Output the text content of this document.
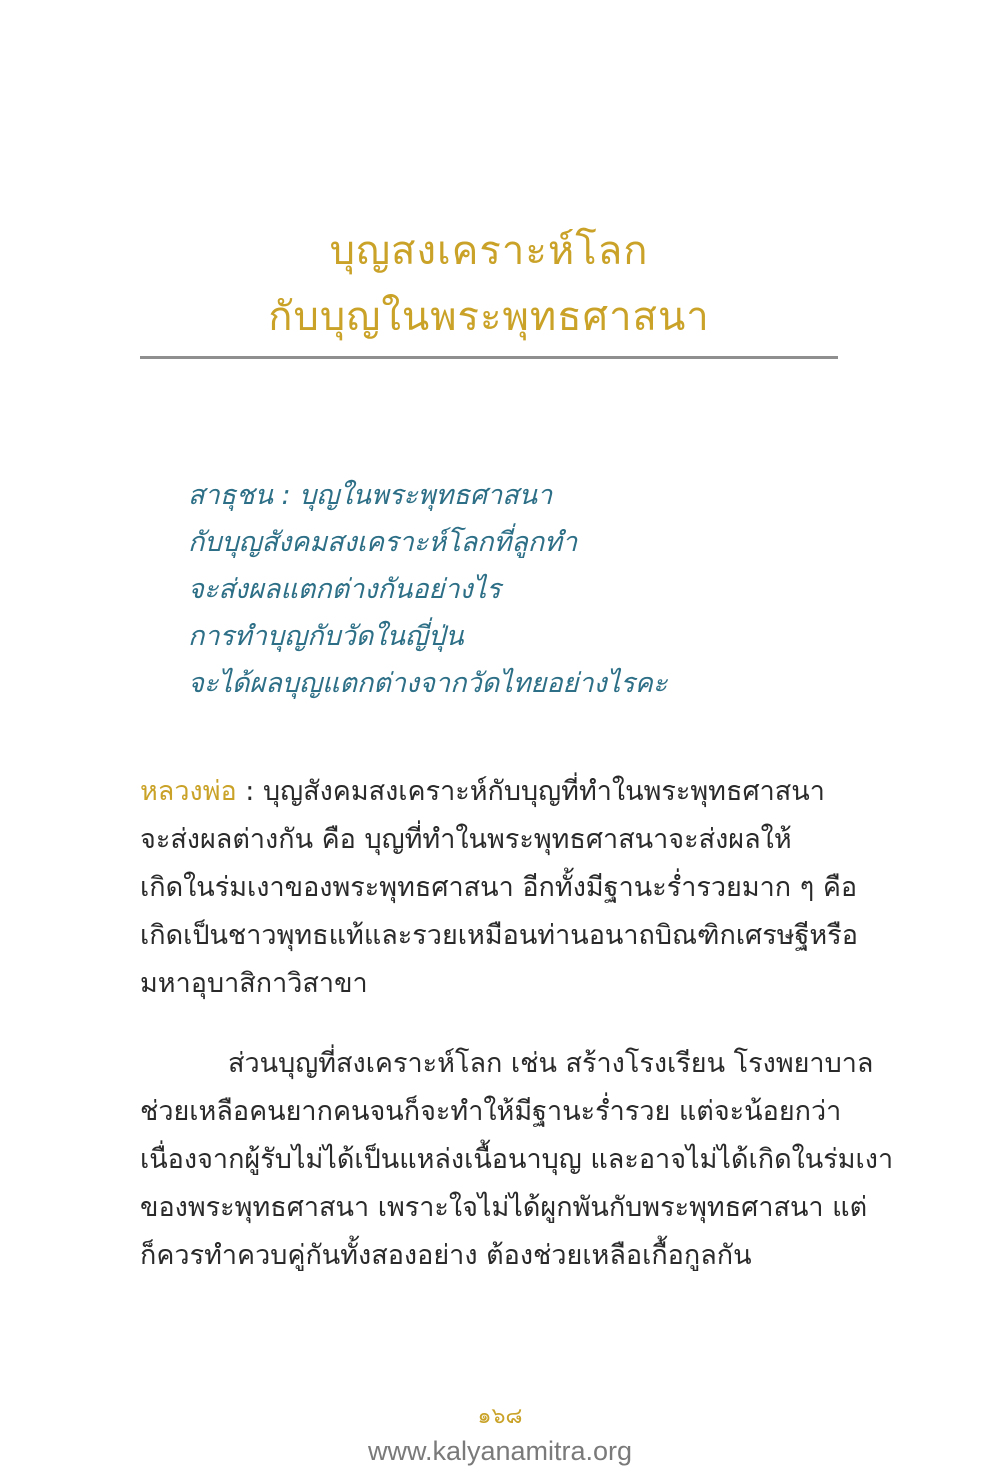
บุญสงเคราะห์โลก
กับบุญในพระพุทธศาสนา
สาธุชน : บุญในพระพุทธศาสนา
กับบุญสังคมสงเคราะห์โลกที่ลูกทำ
จะส่งผลแตกต่างกันอย่างไร
การทำบุญกับวัดในญี่ปุ่น
จะได้ผลบุญแตกต่างจากวัดไทยอย่างไรคะ
หลวงพ่อ : บุญสังคมสงเคราะห์กับบุญที่ทำในพระพุทธศาสนา
จะส่งผลต่างกัน คือ บุญที่ทำในพระพุทธศาสนาจะส่งผลให้
เกิดในร่มเงาของพระพุทธศาสนา อีกทั้งมีฐานะร่ำรวยมาก ๆ คือ
เกิดเป็นชาวพุทธแท้และรวยเหมือนท่านอนาถบิณฑิกเศรษฐีหรือ
มหาอุบาสิกาวิสาขา
ส่วนบุญที่สงเคราะห์โลก เช่น สร้างโรงเรียน โรงพยาบาล
ช่วยเหลือคนยากคนจนก็จะทำให้มีฐานะร่ำรวย แต่จะน้อยกว่า
เนื่องจากผู้รับไม่ได้เป็นแหล่งเนื้อนาบุญ และอาจไม่ได้เกิดในร่มเงา
ของพระพุทธศาสนา เพราะใจไม่ได้ผูกพันกับพระพุทธศาสนา แต่
ก็ควรทำควบคู่กันทั้งสองอย่าง ต้องช่วยเหลือเกื้อกูลกัน
๑๖๘
www.kalyanamitra.org
